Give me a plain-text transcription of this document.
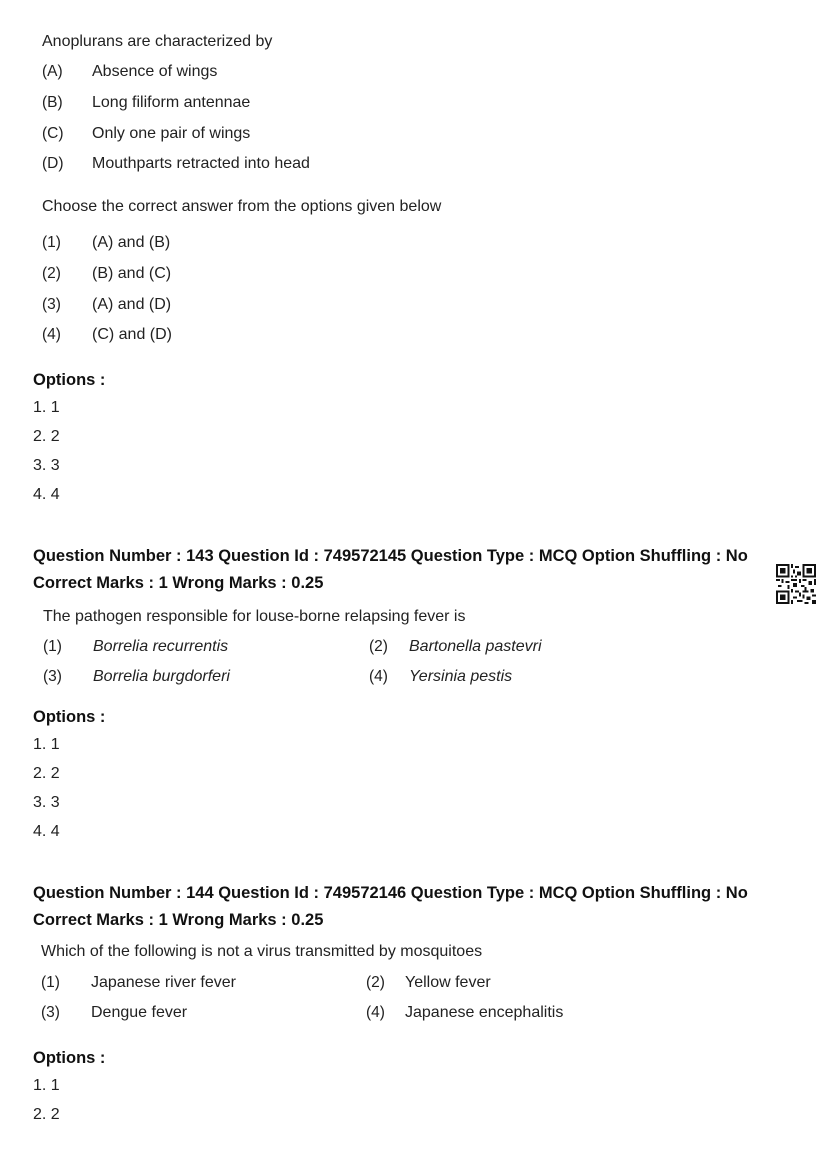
Anoplurans are characterized by
(A) Absence of wings
(B) Long filiform antennae
(C) Only one pair of wings
(D) Mouthparts retracted into head
Choose the correct answer from the options given below
(1) (A) and (B)
(2) (B) and (C)
(3) (A) and (D)
(4) (C) and (D)
Options :
1. 1
2. 2
3. 3
4. 4
Question Number : 143 Question Id : 749572145 Question Type : MCQ Option Shuffling : No
Correct Marks : 1 Wrong Marks : 0.25
The pathogen responsible for louse-borne relapsing fever is
(1) Borrelia recurrentis	(2) Bartonella pastevri
(3) Borrelia burgdorferi	(4) Yersinia pestis
Options :
1. 1
2. 2
3. 3
4. 4
Question Number : 144 Question Id : 749572146 Question Type : MCQ Option Shuffling : No
Correct Marks : 1 Wrong Marks : 0.25
Which of the following is not a virus transmitted by mosquitoes
(1) Japanese river fever	(2) Yellow fever
(3) Dengue fever	(4) Japanese encephalitis
Options :
1. 1
2. 2
